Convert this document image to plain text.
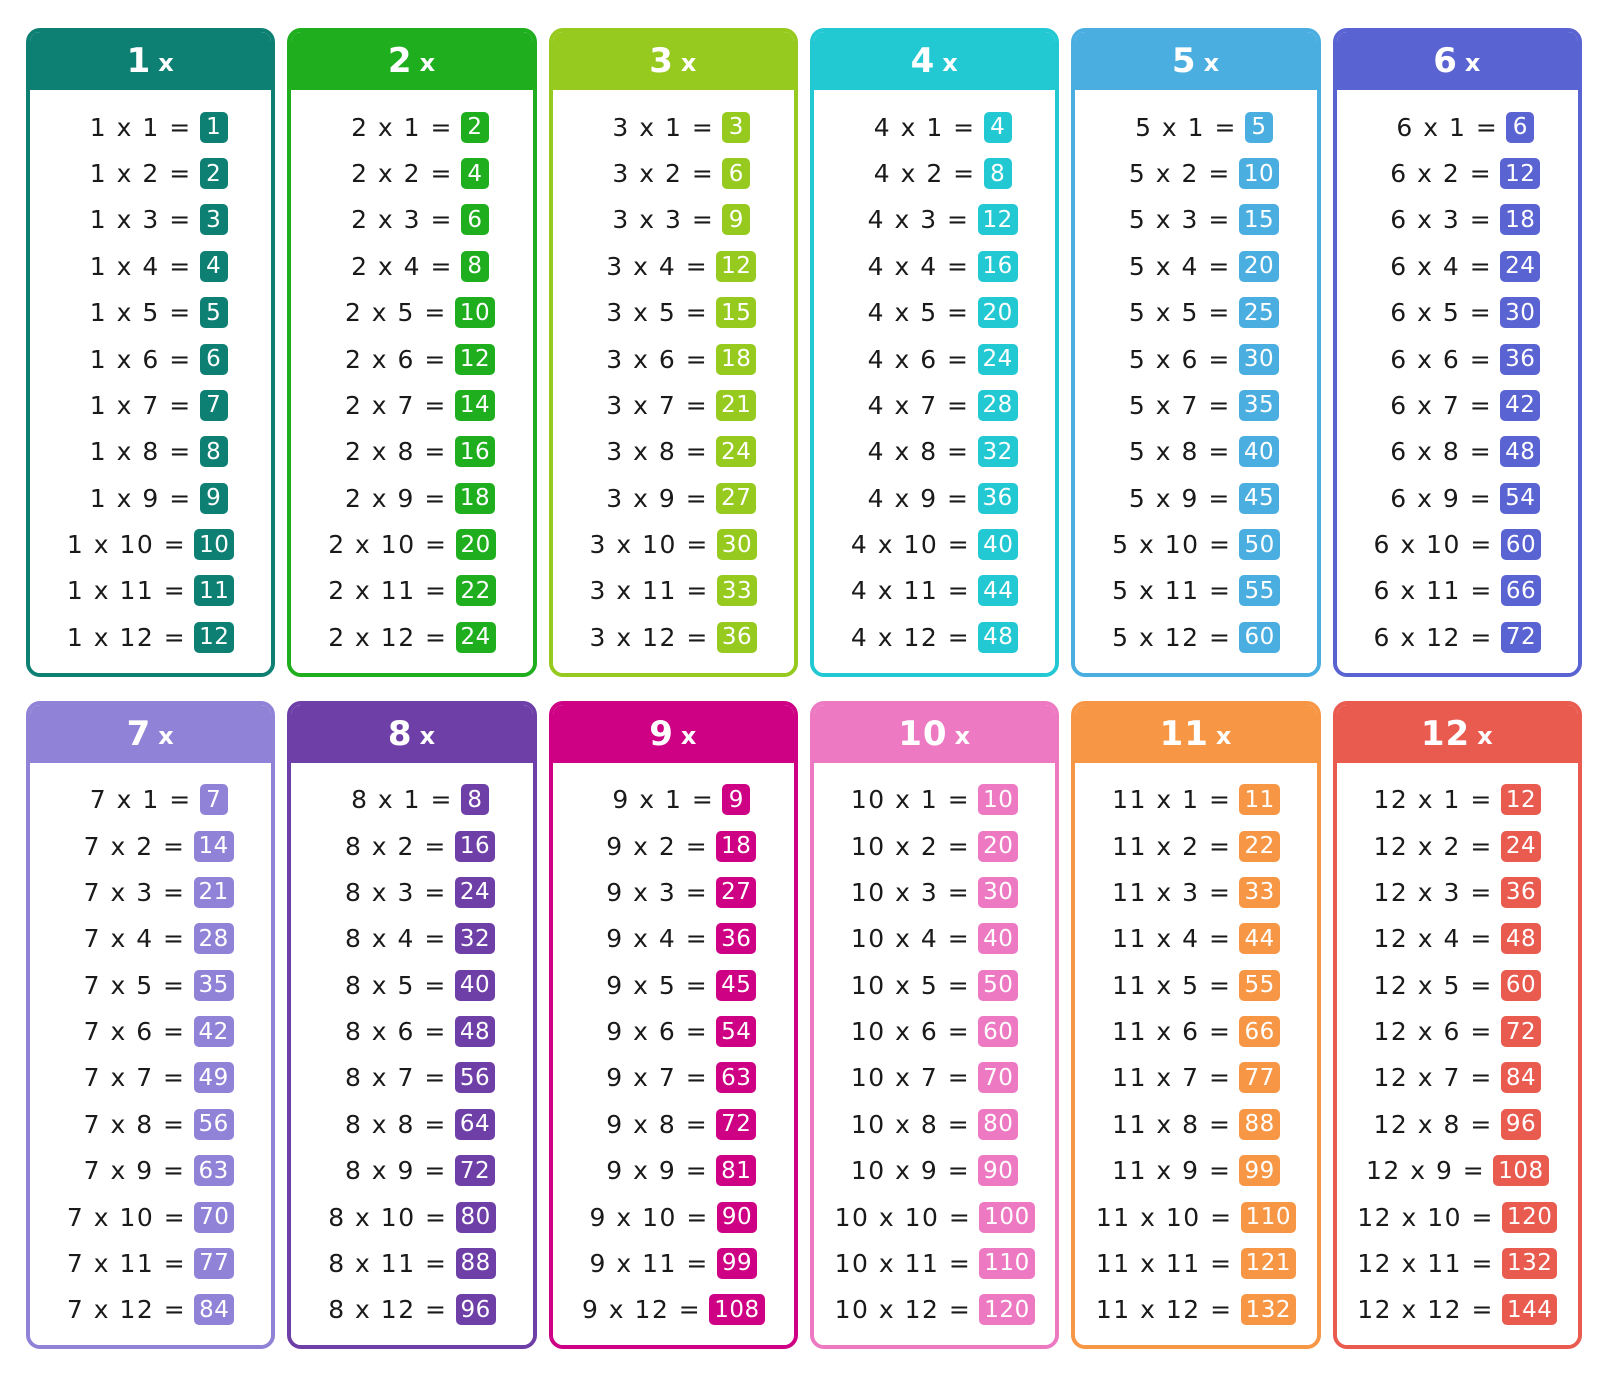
1 x
1 x 1 = 1
1 x 2 = 2
1 x 3 = 3
1 x 4 = 4
1 x 5 = 5
1 x 6 = 6
1 x 7 = 7
1 x 8 = 8
1 x 9 = 9
1 x 10 = 10
1 x 11 = 11
1 x 12 = 12
2 x
2 x 1 = 2
2 x 2 = 4
2 x 3 = 6
2 x 4 = 8
2 x 5 = 10
2 x 6 = 12
2 x 7 = 14
2 x 8 = 16
2 x 9 = 18
2 x 10 = 20
2 x 11 = 22
2 x 12 = 24
3 x
3 x 1 = 3
3 x 2 = 6
3 x 3 = 9
3 x 4 = 12
3 x 5 = 15
3 x 6 = 18
3 x 7 = 21
3 x 8 = 24
3 x 9 = 27
3 x 10 = 30
3 x 11 = 33
3 x 12 = 36
4 x
4 x 1 = 4
4 x 2 = 8
4 x 3 = 12
4 x 4 = 16
4 x 5 = 20
4 x 6 = 24
4 x 7 = 28
4 x 8 = 32
4 x 9 = 36
4 x 10 = 40
4 x 11 = 44
4 x 12 = 48
5 x
5 x 1 = 5
5 x 2 = 10
5 x 3 = 15
5 x 4 = 20
5 x 5 = 25
5 x 6 = 30
5 x 7 = 35
5 x 8 = 40
5 x 9 = 45
5 x 10 = 50
5 x 11 = 55
5 x 12 = 60
6 x
6 x 1 = 6
6 x 2 = 12
6 x 3 = 18
6 x 4 = 24
6 x 5 = 30
6 x 6 = 36
6 x 7 = 42
6 x 8 = 48
6 x 9 = 54
6 x 10 = 60
6 x 11 = 66
6 x 12 = 72
7 x
7 x 1 = 7
7 x 2 = 14
7 x 3 = 21
7 x 4 = 28
7 x 5 = 35
7 x 6 = 42
7 x 7 = 49
7 x 8 = 56
7 x 9 = 63
7 x 10 = 70
7 x 11 = 77
7 x 12 = 84
8 x
8 x 1 = 8
8 x 2 = 16
8 x 3 = 24
8 x 4 = 32
8 x 5 = 40
8 x 6 = 48
8 x 7 = 56
8 x 8 = 64
8 x 9 = 72
8 x 10 = 80
8 x 11 = 88
8 x 12 = 96
9 x
9 x 1 = 9
9 x 2 = 18
9 x 3 = 27
9 x 4 = 36
9 x 5 = 45
9 x 6 = 54
9 x 7 = 63
9 x 8 = 72
9 x 9 = 81
9 x 10 = 90
9 x 11 = 99
9 x 12 = 108
10 x
10 x 1 = 10
10 x 2 = 20
10 x 3 = 30
10 x 4 = 40
10 x 5 = 50
10 x 6 = 60
10 x 7 = 70
10 x 8 = 80
10 x 9 = 90
10 x 10 = 100
10 x 11 = 110
10 x 12 = 120
11 x
11 x 1 = 11
11 x 2 = 22
11 x 3 = 33
11 x 4 = 44
11 x 5 = 55
11 x 6 = 66
11 x 7 = 77
11 x 8 = 88
11 x 9 = 99
11 x 10 = 110
11 x 11 = 121
11 x 12 = 132
12 x
12 x 1 = 12
12 x 2 = 24
12 x 3 = 36
12 x 4 = 48
12 x 5 = 60
12 x 6 = 72
12 x 7 = 84
12 x 8 = 96
12 x 9 = 108
12 x 10 = 120
12 x 11 = 132
12 x 12 = 144
